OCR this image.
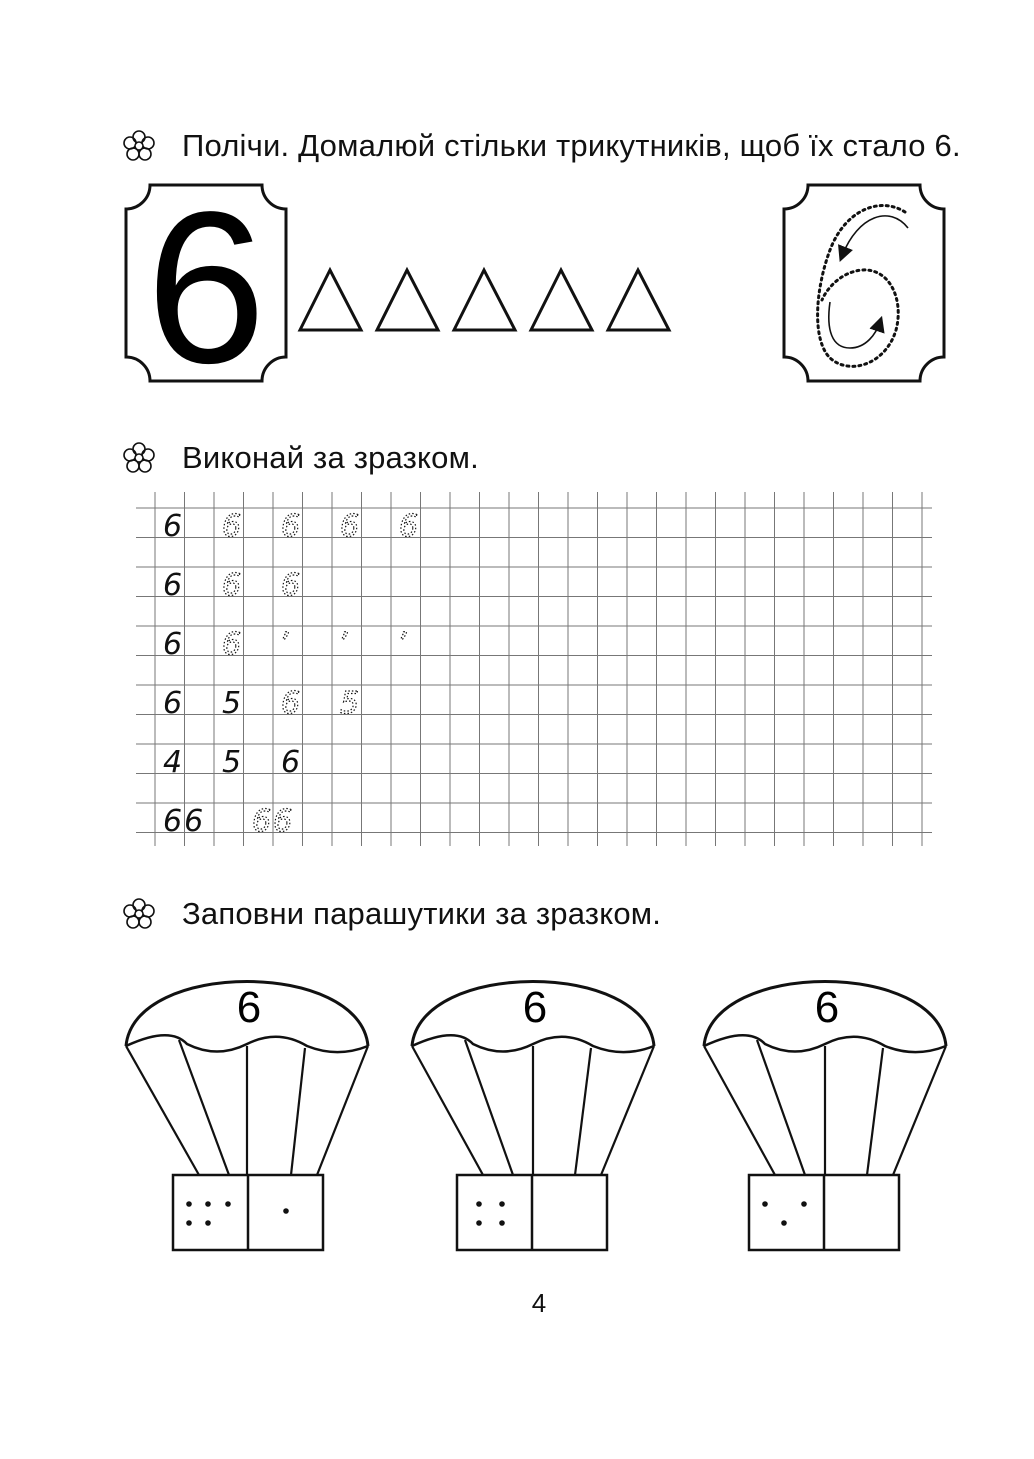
Полічи. Домалюй стільки трикутників, щоб їх стало 6.
Виконай за зразком.
Заповни парашутики за зразком.
6
6 6 6 6 6
6 6 6
6 6 ʼ ʼ ʼ
6 5 6 5
4 5 6
66 66
6	6	6
4
